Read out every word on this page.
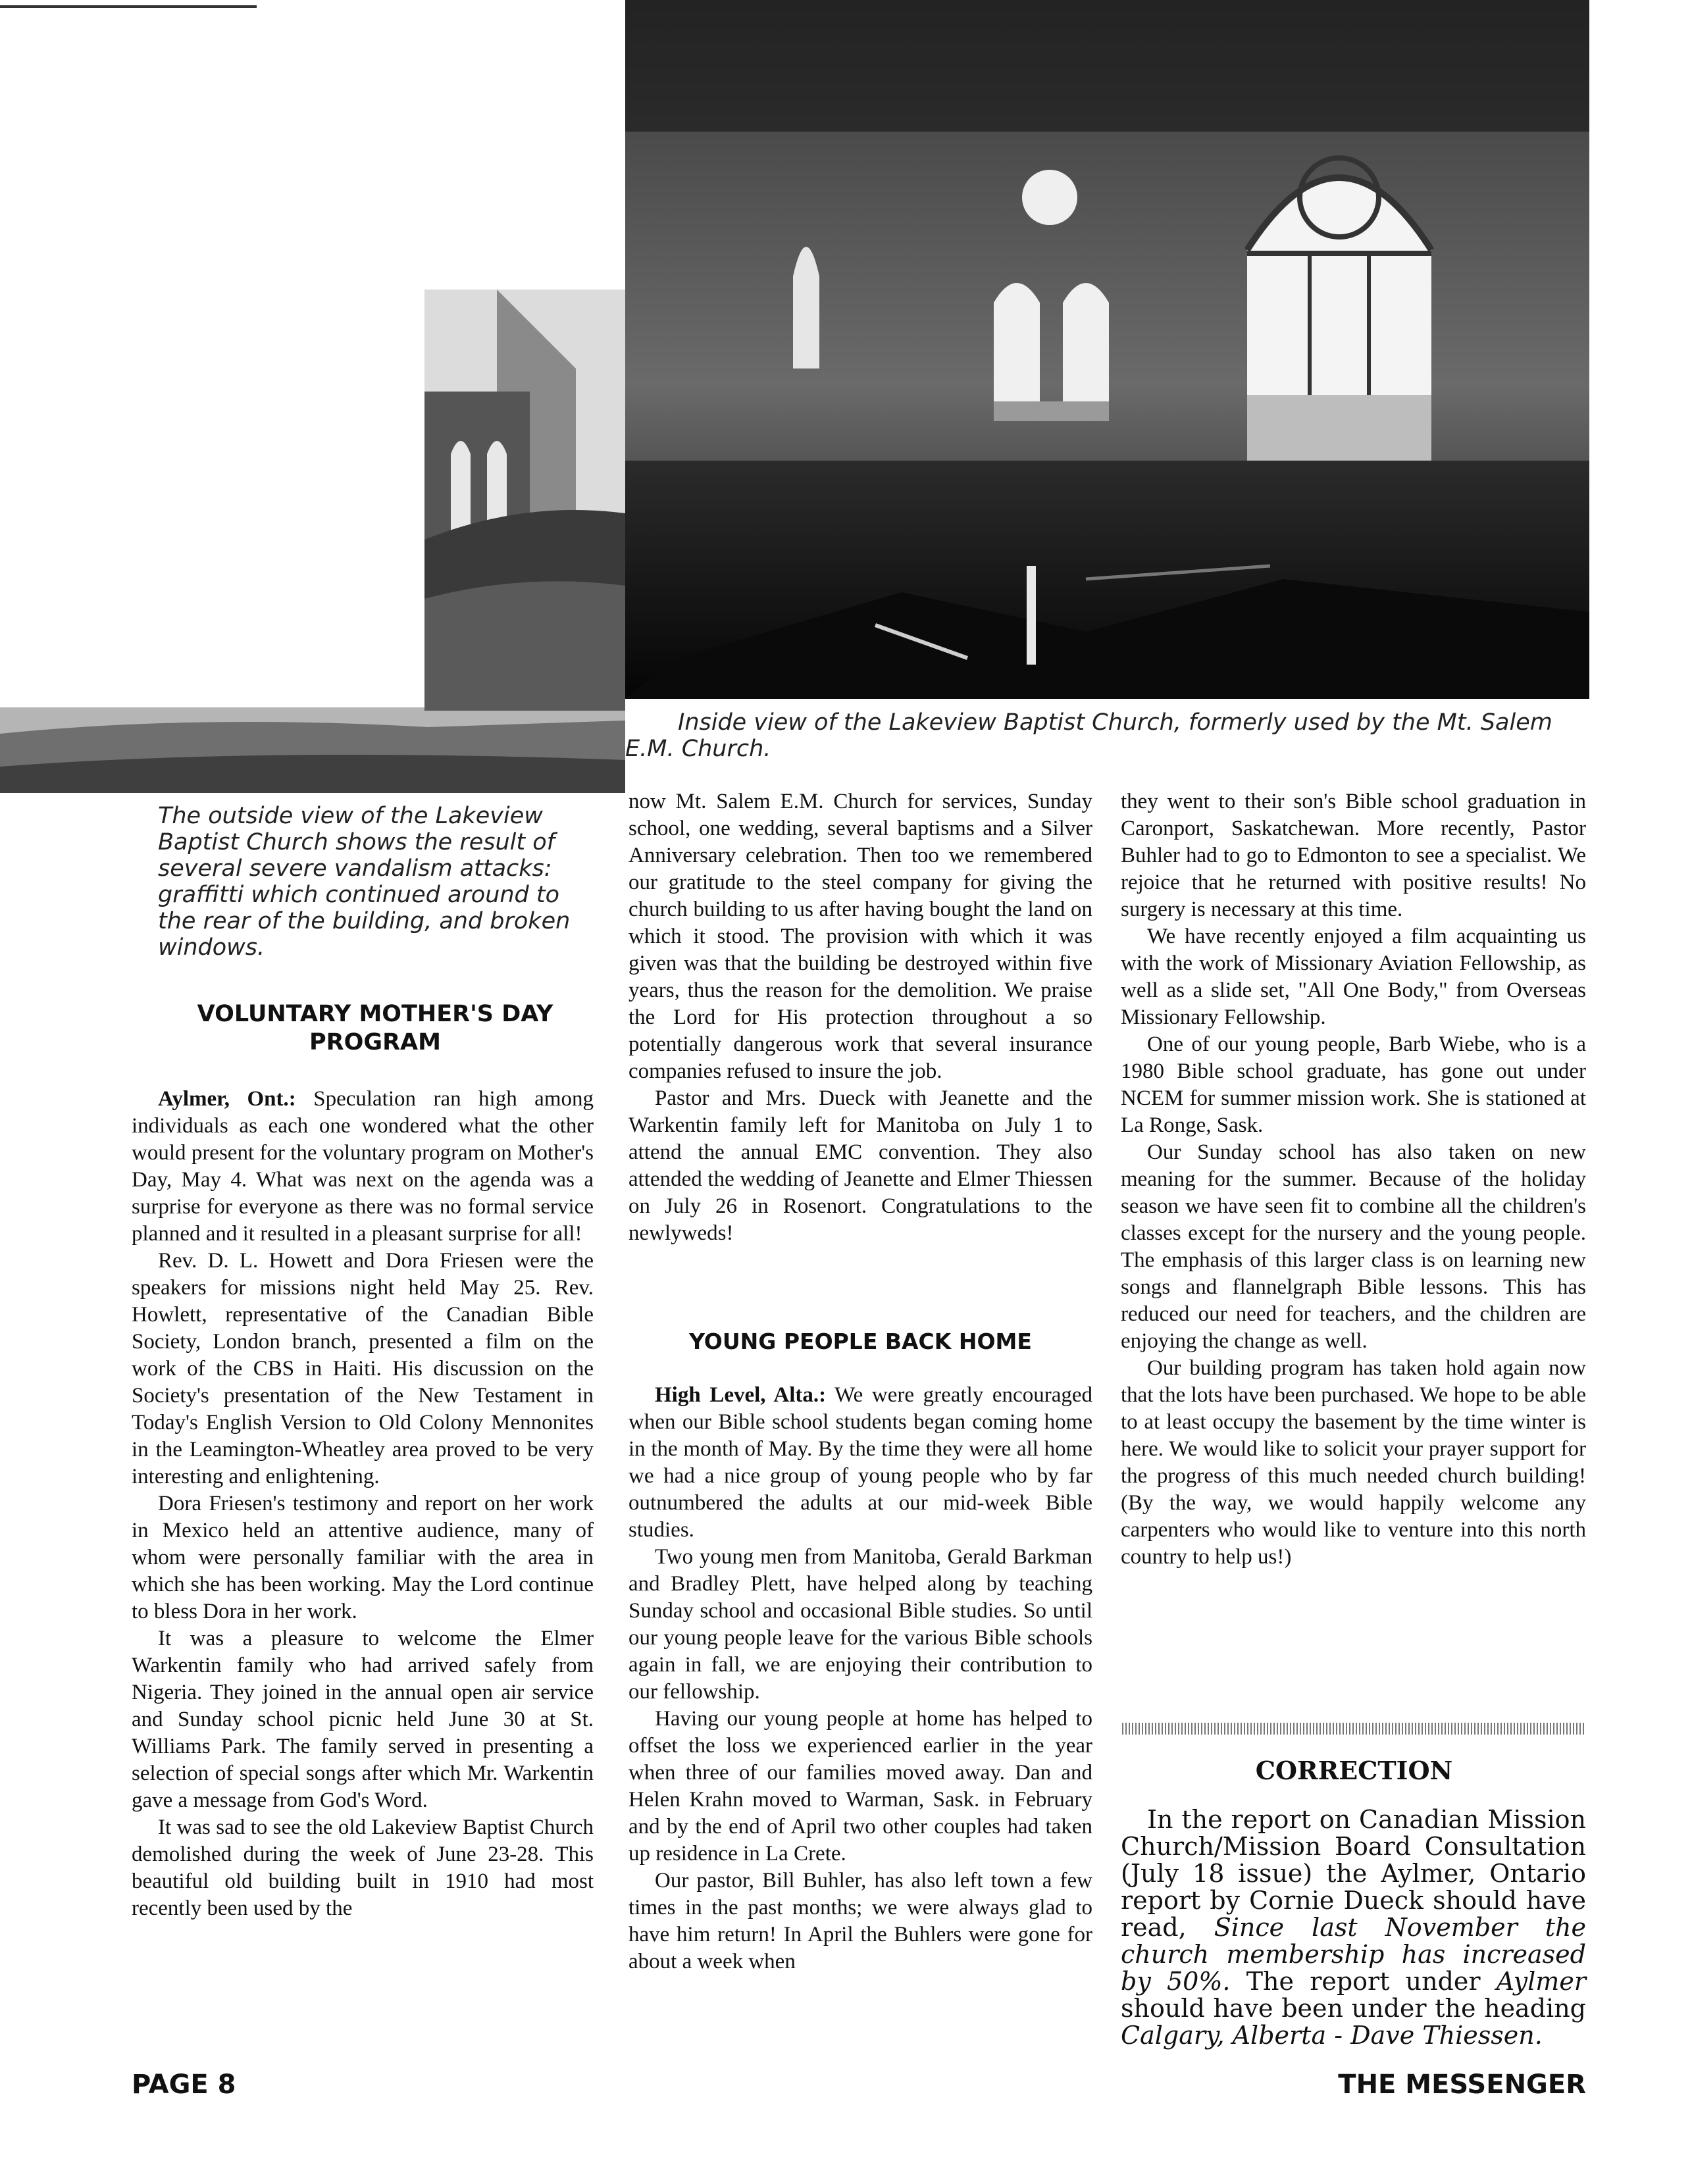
Inside view of the Lakeview Baptist Church, formerly used by the Mt. Salem E.M. Church.
The outside view of the Lakeview Baptist Church shows the result of several severe vandalism attacks: graffitti which continued around to the rear of the building, and broken windows.
VOLUNTARY MOTHER'S DAY PROGRAM

Aylmer, Ont.: Speculation ran high among individuals as each one wondered what the other would present for the voluntary program on Mother's Day, May 4. What was next on the agenda was a surprise for everyone as there was no formal service planned and it resulted in a pleasant surprise for all!

Rev. D. L. Howett and Dora Friesen were the speakers for missions night held May 25. Rev. Howlett, representative of the Canadian Bible Society, London branch, presented a film on the work of the CBS in Haiti. His discussion on the Society's presentation of the New Testament in Today's English Version to Old Colony Mennonites in the Leamington-Wheatley area proved to be very interesting and enlightening.

Dora Friesen's testimony and report on her work in Mexico held an attentive audience, many of whom were personally familiar with the area in which she has been working. May the Lord continue to bless Dora in her work.

It was a pleasure to welcome the Elmer Warkentin family who had arrived safely from Nigeria. They joined in the annual open air service and Sunday school picnic held June 30 at St. Williams Park. The family served in presenting a selection of special songs after which Mr. Warkentin gave a message from God's Word.

It was sad to see the old Lakeview Baptist Church demolished during the week of June 23-28. This beautiful old building built in 1910 had most recently been used by the

now Mt. Salem E.M. Church for services, Sunday school, one wedding, several baptisms and a Silver Anniversary celebration. Then too we remembered our gratitude to the steel company for giving the church building to us after having bought the land on which it stood. The provision with which it was given was that the building be destroyed within five years, thus the reason for the demolition. We praise the Lord for His protection throughout a so potentially dangerous work that several insurance companies refused to insure the job.

Pastor and Mrs. Dueck with Jeanette and the Warkentin family left for Manitoba on July 1 to attend the annual EMC convention. They also attended the wedding of Jeanette and Elmer Thiessen on July 26 in Rosenort. Congratulations to the newlyweds!

YOUNG PEOPLE BACK HOME

High Level, Alta.: We were greatly encouraged when our Bible school students began coming home in the month of May. By the time they were all home we had a nice group of young people who by far outnumbered the adults at our mid-week Bible studies.

Two young men from Manitoba, Gerald Barkman and Bradley Plett, have helped along by teaching Sunday school and occasional Bible studies. So until our young people leave for the various Bible schools again in fall, we are enjoying their contribution to our fellowship.

Having our young people at home has helped to offset the loss we experienced earlier in the year when three of our families moved away. Dan and Helen Krahn moved to Warman, Sask. in February and by the end of April two other couples had taken up residence in La Crete.

Our pastor, Bill Buhler, has also left town a few times in the past months; we were always glad to have him return! In April the Buhlers were gone for about a week when

they went to their son's Bible school graduation in Caronport, Saskatchewan. More recently, Pastor Buhler had to go to Edmonton to see a specialist. We rejoice that he returned with positive results! No surgery is necessary at this time.

We have recently enjoyed a film acquainting us with the work of Missionary Aviation Fellowship, as well as a slide set, "All One Body," from Overseas Missionary Fellowship.

One of our young people, Barb Wiebe, who is a 1980 Bible school graduate, has gone out under NCEM for summer mission work. She is stationed at La Ronge, Sask.

Our Sunday school has also taken on new meaning for the summer. Because of the holiday season we have seen fit to combine all the children's classes except for the nursery and the young people. The emphasis of this larger class is on learning new songs and flannelgraph Bible lessons. This has reduced our need for teachers, and the children are enjoying the change as well.

Our building program has taken hold again now that the lots have been purchased. We hope to be able to at least occupy the basement by the time winter is here. We would like to solicit your prayer support for the progress of this much needed church building! (By the way, we would happily welcome any carpenters who would like to venture into this north country to help us!)

CORRECTION
In the report on Canadian Mission Church/Mission Board Consultation (July 18 issue) the Aylmer, Ontario report by Cornie Dueck should have read, Since last November the church membership has increased by 50%. The report under Aylmer should have been under the heading Calgary, Alberta - Dave Thiessen.
PAGE 8	THE MESSENGER
